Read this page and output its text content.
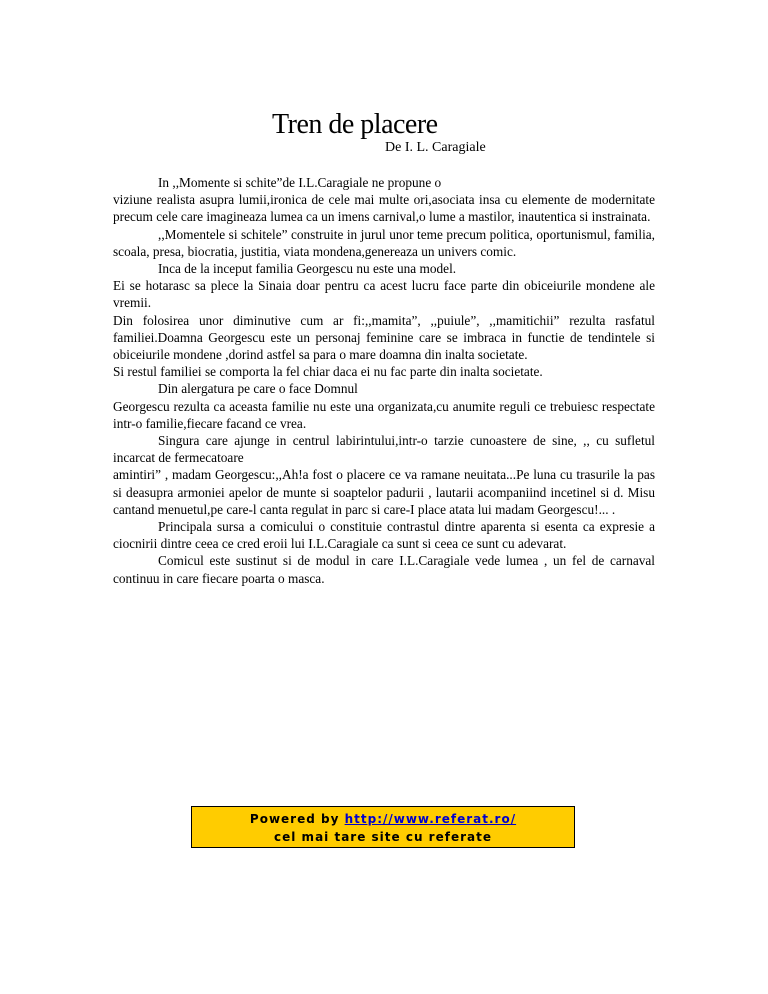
Tren de placere
De I. L. Caragiale

In ,,Momente si schite”de I.L.Caragiale ne propune o

viziune realista asupra lumii,ironica de cele mai multe ori,asociata insa cu elemente de modernitate precum cele care imagineaza lumea ca un imens carnival,o lume a mastilor, inautentica si instrainata.

,,Momentele si schitele” construite in jurul unor teme precum politica, oportunismul, familia, scoala, presa, biocratia, justitia, viata mondena,genereaza un univers comic.

Inca de la inceput familia Georgescu nu este una model.

Ei se hotarasc sa plece la Sinaia doar pentru ca acest lucru face parte din obiceiurile mondene ale vremii.

Din folosirea unor diminutive cum ar fi:,,mamita”, ,,puiule”, ,,mamitichii” rezulta rasfatul familiei.Doamna Georgescu este un personaj feminine care se imbraca in functie de tendintele si obiceiurile mondene ,dorind astfel sa para o mare doamna din inalta societate.

Si restul familiei se comporta la fel chiar daca ei nu fac parte din inalta societate.

Din alergatura pe care o face Domnul

Georgescu rezulta ca aceasta familie nu este una organizata,cu anumite reguli ce trebuiesc respectate intr-o familie,fiecare facand ce vrea.

Singura care ajunge in centrul labirintului,intr-o tarzie cunoastere de sine, ,, cu sufletul incarcat de fermecatoare

amintiri” , madam Georgescu:,,Ah!a fost o placere ce va ramane neuitata...Pe luna cu trasurile la pas si deasupra armoniei apelor de munte si soaptelor padurii , lautarii acompaniind incetinel si d. Misu cantand menuetul,pe care-l canta regulat in parc si care-I place atata lui madam Georgescu!... .

Principala sursa a comicului o constituie contrastul dintre aparenta si esenta ca expresie a ciocnirii dintre ceea ce cred eroii lui I.L.Caragiale ca sunt si ceea ce sunt cu adevarat.

Comicul este sustinut si de modul in care I.L.Caragiale vede lumea , un fel de carnaval continuu in care fiecare poarta o masca.

Powered by http://www.referat.ro/
cel mai tare site cu referate
